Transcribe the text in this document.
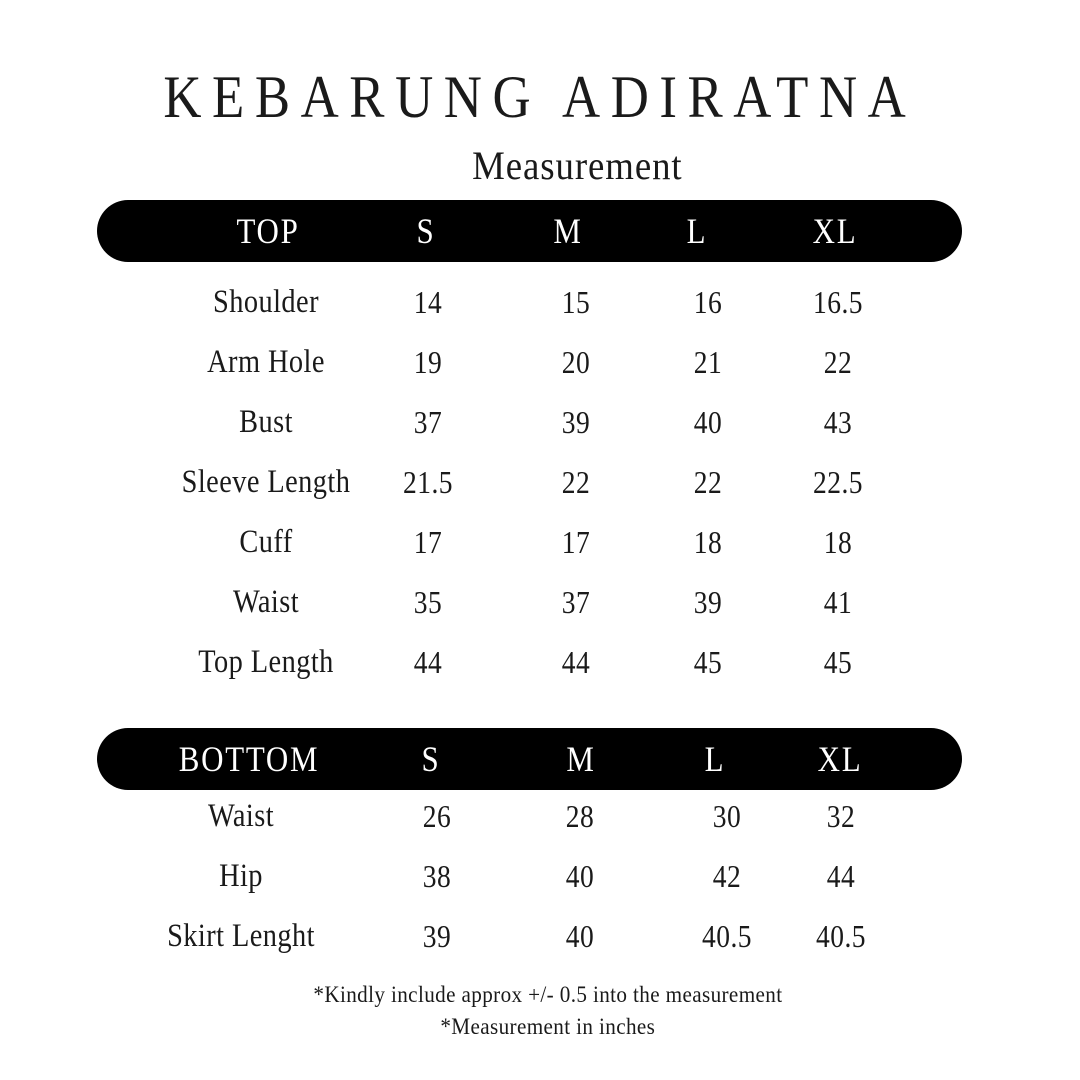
KEBARUNG ADIRATNA
Measurement
TOP	S	M	L	XL
Shoulder	14	15	16	16.5
Arm Hole	19	20	21	22
Bust	37	39	40	43
Sleeve Length 21.5	22	22	22.5
Cuff	17	17	18	18
Waist	35	37	39	41
Top Length	44	44	45	45
BOTTOM	S	M	L	XL
Waist	26	28	30	32
Hip	38	40	42	44
Skirt Lenght	39	40	40.5 40.5
*Kindly include approx +/- 0.5 into the measurement
*Measurement in inches
